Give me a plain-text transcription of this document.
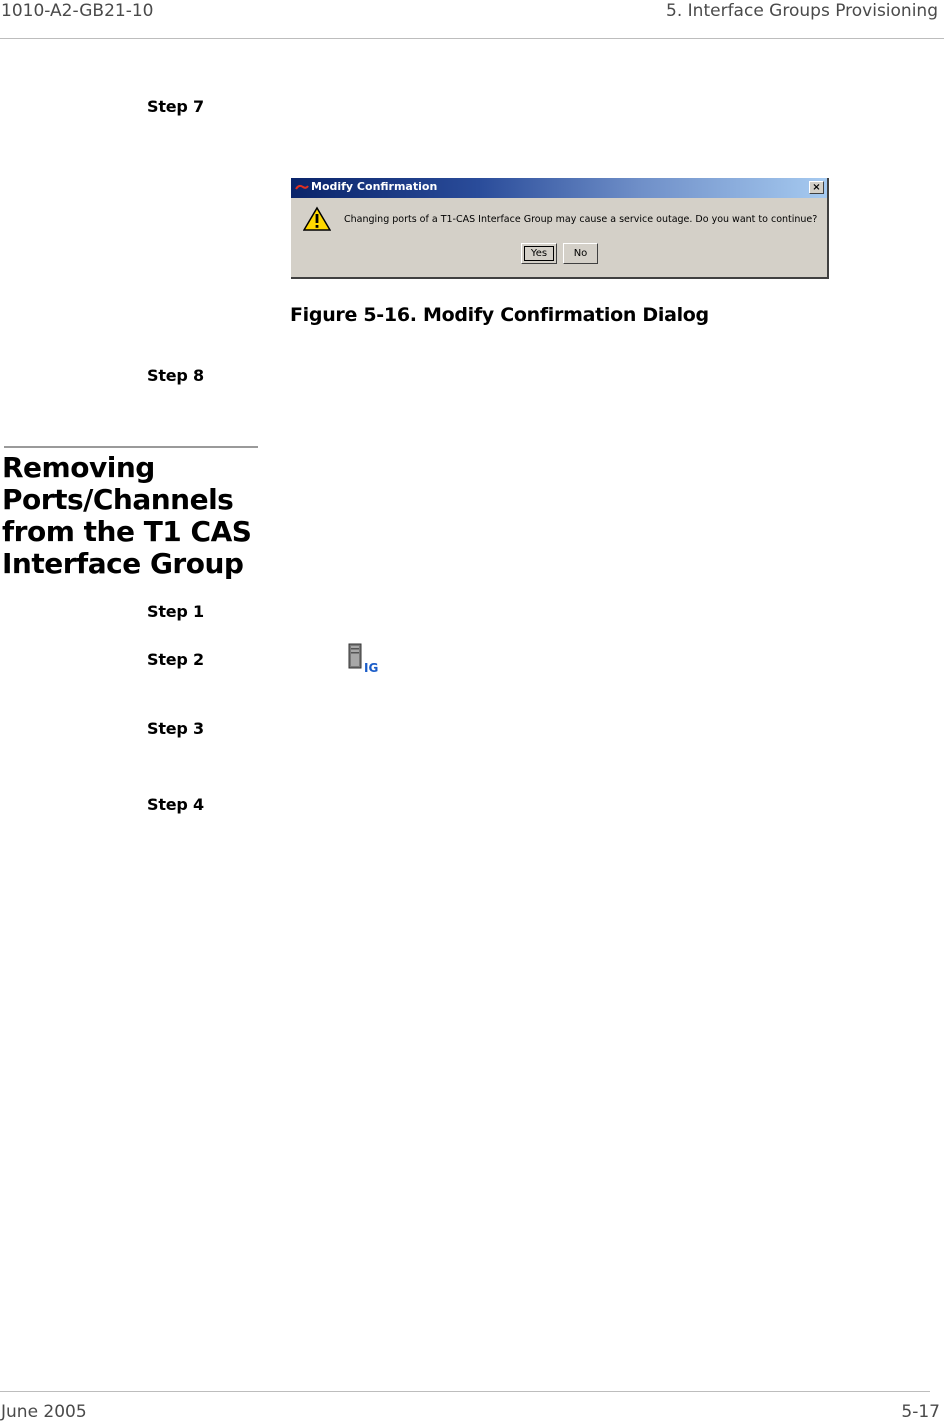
1010-A2-GB21-10	5. Interface Groups Provisioning
Step 7
Modify Confirmation	×
Changing ports of a T1-CAS Interface Group may cause a service outage. Do you want to continue?
Yes	No
Figure 5-16. Modify Confirmation Dialog
Step 8
Removing
Ports/Channels
from the T1 CAS
Interface Group
Step 1
Step 2	IG
Step 3
Step 4
June 2005	5-17
